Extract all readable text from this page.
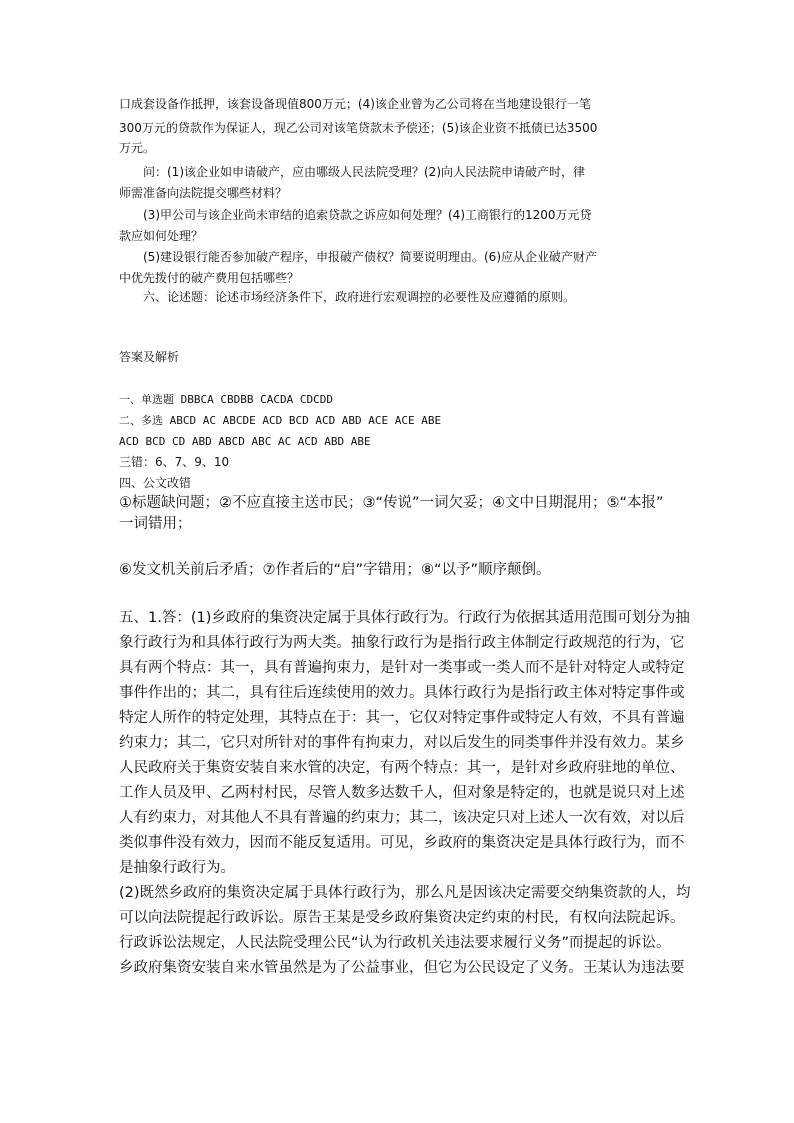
口成套设备作抵押，该套设备现值800万元；(4)该企业曾为乙公司将在当地建设银行一笔
300万元的贷款作为保证人，现乙公司对该笔贷款未予偿还；(5)该企业资不抵债已达3500
万元。
　　问：(1)该企业如申请破产，应由哪级人民法院受理？(2)向人民法院申请破产时，律
师需准备向法院提交哪些材料？
　　(3)甲公司与该企业尚未审结的追索贷款之诉应如何处理？(4)工商银行的1200万元贷
款应如何处理？
　　(5)建设银行能否参加破产程序，申报破产债权？简要说明理由。(6)应从企业破产财产
中优先拨付的破产费用包括哪些？
　　六、论述题：论述市场经济条件下，政府进行宏观调控的必要性及应遵循的原则。
答案及解析
一、单选题 DBBCA CBDBB CACDA CDCDD
二、多选 ABCD AC ABCDE ACD BCD ACD ABD ACE ACE ABE
ACD BCD CD ABD ABCD ABC AC ACD ABD ABE
三错：6、7、9、10
四、公文改错
①标题缺问题；②不应直接主送市民；③“传说”一词欠妥；④文中日期混用；⑤“本报”
一词错用；
⑥发文机关前后矛盾；⑦作者后的“启”字错用；⑧“以予”顺序颠倒。
五、1.答：(1)乡政府的集资决定属于具体行政行为。行政行为依据其适用范围可划分为抽
象行政行为和具体行政行为两大类。抽象行政行为是指行政主体制定行政规范的行为，它
具有两个特点：其一，具有普遍拘束力，是针对一类事或一类人而不是针对特定人或特定
事件作出的；其二，具有往后连续使用的效力。具体行政行为是指行政主体对特定事件或
特定人所作的特定处理，其特点在于：其一，它仅对特定事件或特定人有效，不具有普遍
约束力；其二，它只对所针对的事件有拘束力，对以后发生的同类事件并没有效力。某乡
人民政府关于集资安装自来水管的决定，有两个特点：其一，是针对乡政府驻地的单位、
工作人员及甲、乙两村村民，尽管人数多达数千人，但对象是特定的，也就是说只对上述
人有约束力，对其他人不具有普遍的约束力；其二，该决定只对上述人一次有效，对以后
类似事件没有效力，因而不能反复适用。可见，乡政府的集资决定是具体行政行为，而不
是抽象行政行为。
(2)既然乡政府的集资决定属于具体行政行为，那么凡是因该决定需要交纳集资款的人，均
可以向法院提起行政诉讼。原告王某是受乡政府集资决定约束的村民，有权向法院起诉。
行政诉讼法规定，人民法院受理公民“认为行政机关违法要求履行义务”而提起的诉讼。
乡政府集资安装自来水管虽然是为了公益事业，但它为公民设定了义务。王某认为违法要
